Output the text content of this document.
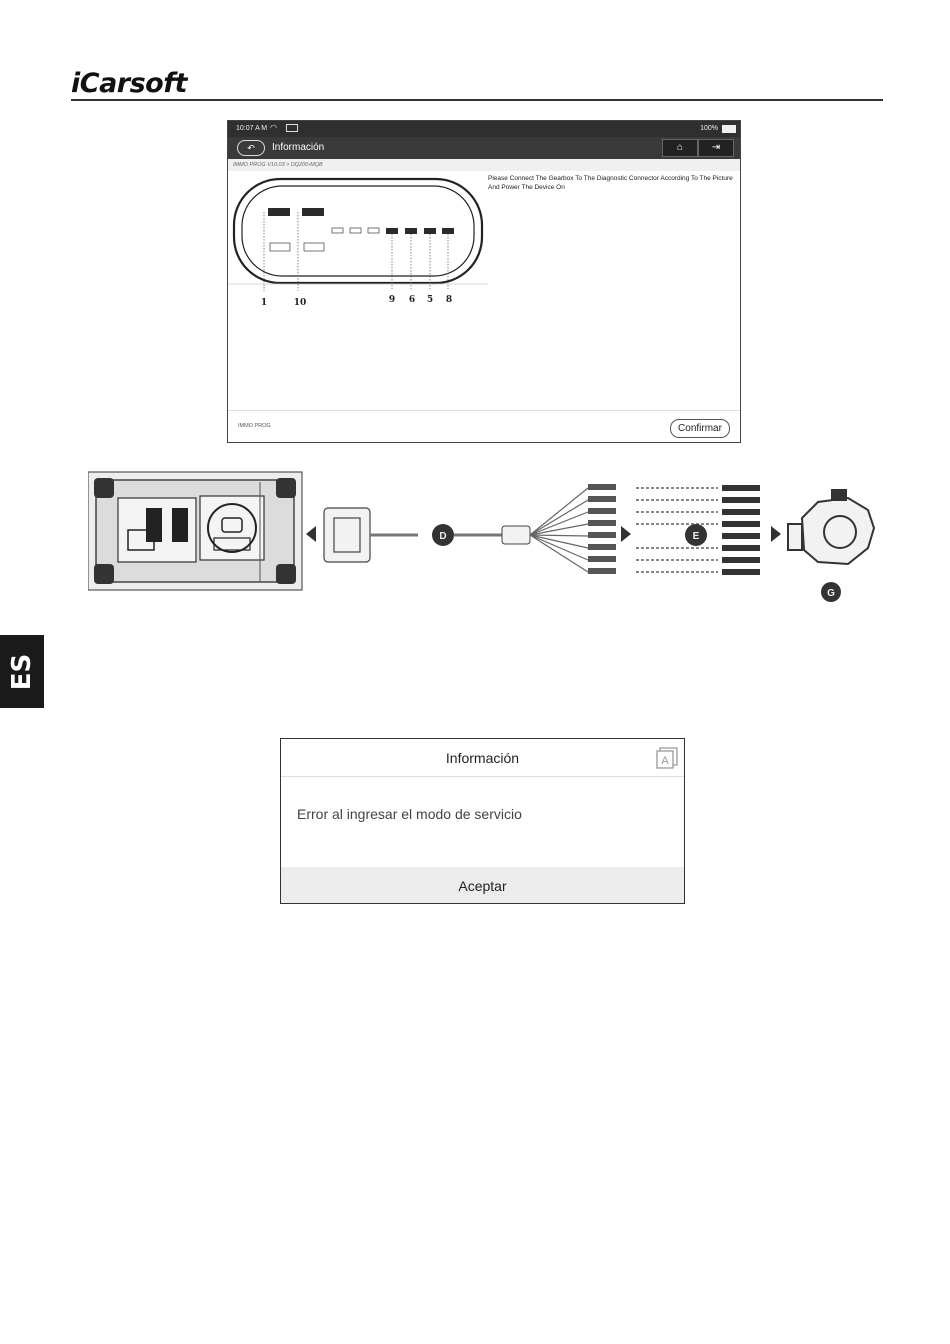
iCarsoft
10:07 A M ◠	100%
↶	Información	⌂	⇥
IMMO PROG V10.03 > DQ200-MQB
1	10	9 6 5 8
Please Connect The Gearbox To The Diagnostic Connector According To The Picture And Power The Device On
IMMO PROG	Confirmar
D	E
G
ES
Información	A
Error al ingresar el modo de servicio
Aceptar
